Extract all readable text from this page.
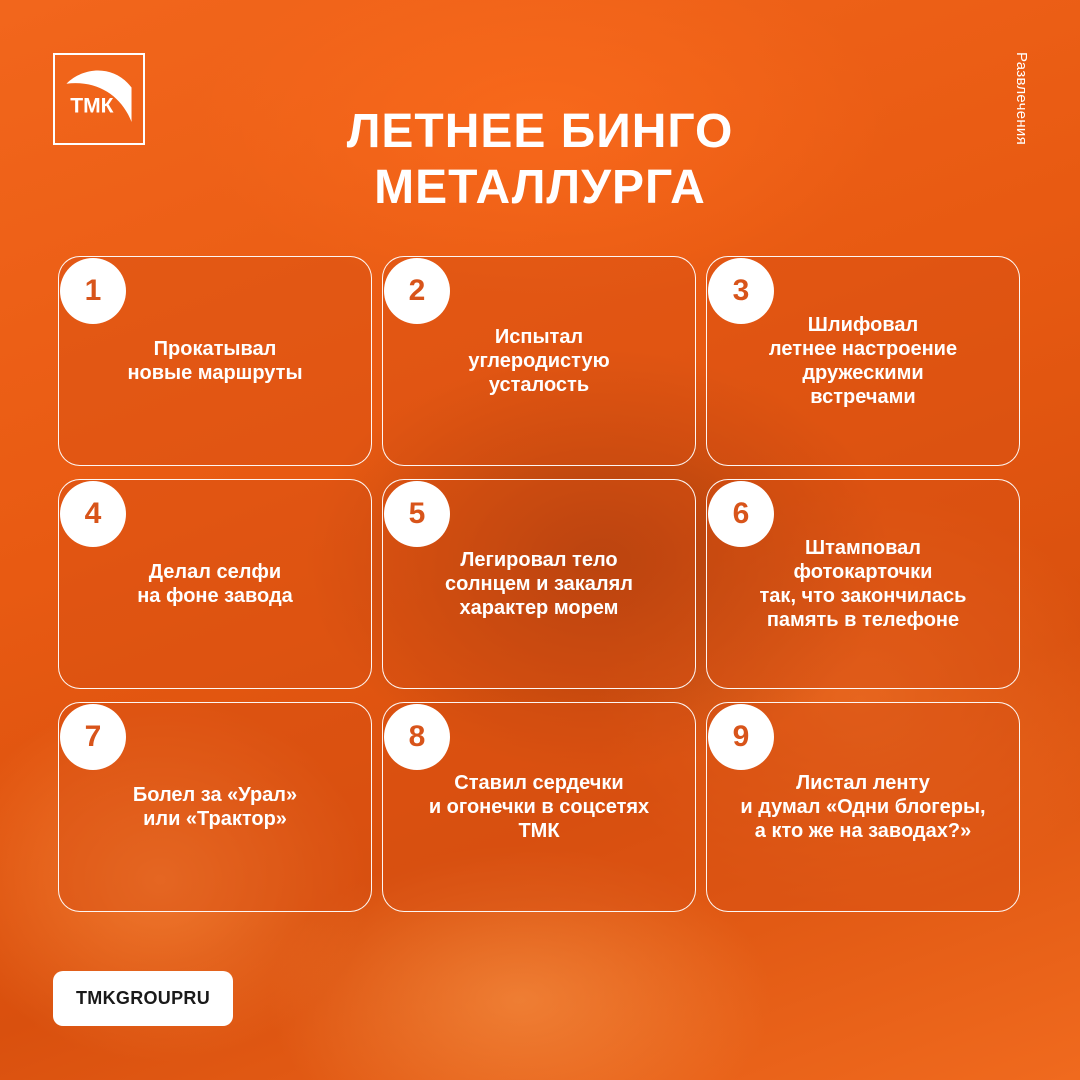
ТМК	Развлечения
ЛЕТНЕЕ БИНГО
МЕТАЛЛУРГА
1
Прокатывал
новые маршруты
2
Испытал
углеродистую
усталость
3
Шлифовал
летнее настроение
дружескими
встречами
4
Делал селфи
на фоне завода
5
Легировал тело
солнцем и закалял
характер морем
6
Штамповал
фотокарточки
так, что закончилась
память в телефоне
7
Болел за «Урал»
или «Трактор»
8
Ставил сердечки
и огонечки в соцсетях
ТМК
9
Листал ленту
и думал «Одни блогеры,
а кто же на заводах?»
TMKGROUPRU
